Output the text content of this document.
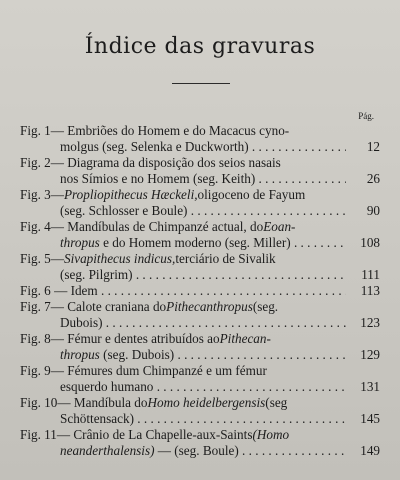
Índice das gravuras
Pág.
Fig. 1 — Embriões do Homem e do Macacus cyno-
molgus (seg. Selenka e Duckworth) . . .	12
Fig. 2 — Diagrama da disposição dos seios nasais
nos Símios e no Homem (seg. Keith) . . .	26
Fig. 3 — Propliopithecus Hæckeli, oligoceno de Fayum
(seg. Schlosser e Boule) . . .	90
Fig. 4 — Mandíbulas de Chimpanzé actual, do Eoan-
thropus e do Homem moderno (seg. Miller) . . .	108
Fig. 5 — Sivapithecus indicus, terciário de Sivalik
(seg. Pilgrim) . . .	111
Fig. 6 — Idem . . .	113
Fig. 7 — Calote craniana do Pithecanthropus (seg.
Dubois) . . .	123
Fig. 8 — Fémur e dentes atribuídos ao Pithecan-
thropus (seg. Dubois) . . .	129
Fig. 9 — Fémures dum Chimpanzé e um fémur
esquerdo humano . . .	131
Fig. 10 — Mandíbula do Homo heidelbergensis (seg
Schöttensack) . . .	145
Fig. 11 — Crânio de La Chapelle-aux-Saints (Homo
neanderthalensis) — (seg. Boule) . . .	149
